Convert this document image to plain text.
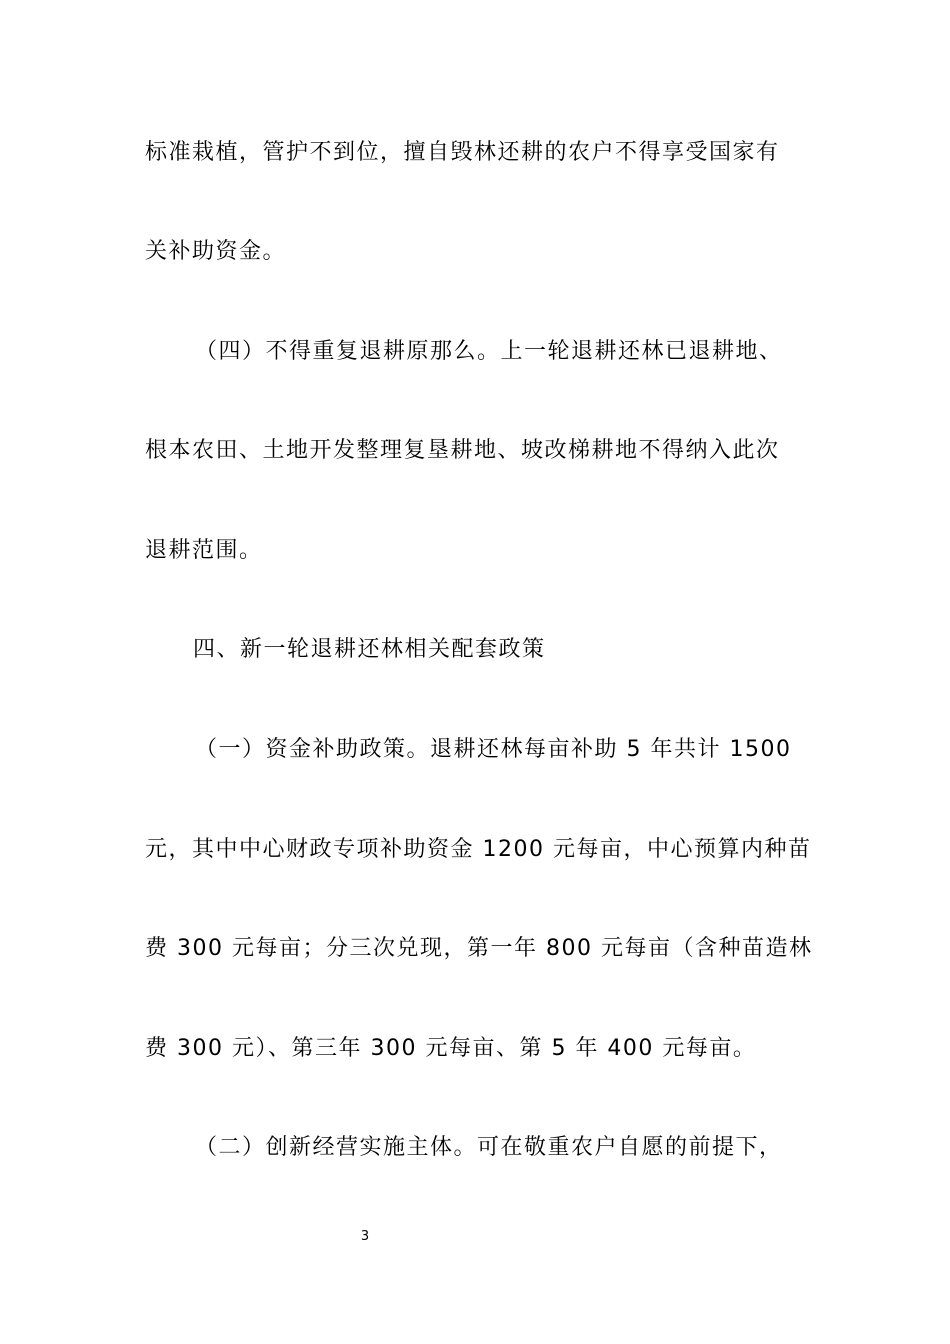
标准栽植，管护不到位，擅自毁林还耕的农户不得享受国家有
关补助资金。
（四）不得重复退耕原那么。上一轮退耕还林已退耕地、
根本农田、土地开发整理复垦耕地、坡改梯耕地不得纳入此次
退耕范围。
四、新一轮退耕还林相关配套政策
（一）资金补助政策。退耕还林每亩补助 5 年共计 1500
元，其中中心财政专项补助资金 1200 元每亩，中心预算内种苗
费 300 元每亩；分三次兑现，第一年 800 元每亩（含种苗造林
费 300 元）、第三年 300 元每亩、第 5 年 400 元每亩。
（二）创新经营实施主体。可在敬重农户自愿的前提下，
3
